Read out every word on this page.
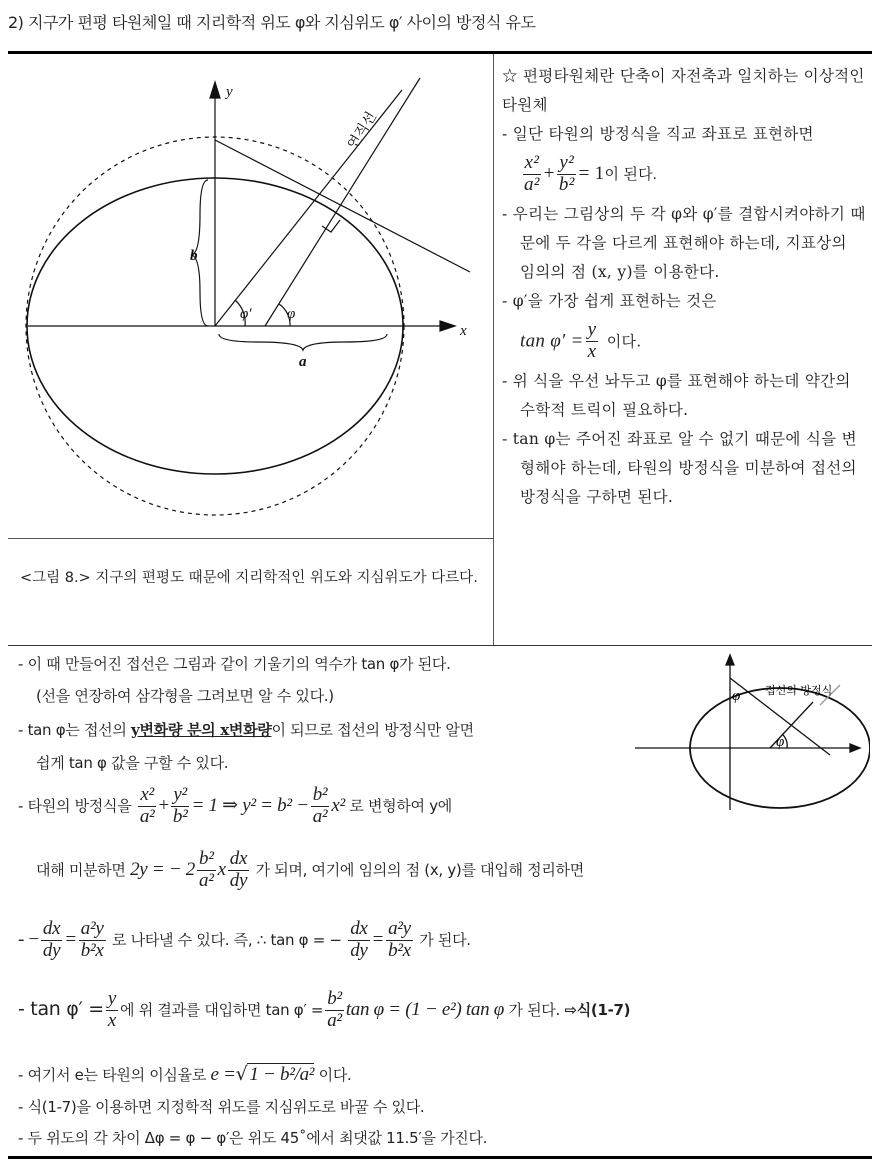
2) 지구가 편평 타원체일 때 지리학적 위도 φ와 지심위도 φ′ 사이의 방정식 유도
y
x
a
b
φ′ φ
연직선
<그림 8.> 지구의 편평도 때문에 지리학적인 위도와 지심위도가 다르다.

☆ 편평타원체란 단축이 자전축과 일치하는 이상적인 타원체

- 일단 타원의 방정식을 직교 좌표로 표현하면

$\frac{\text{x²}}{\text{a²}} + \frac{\text{y²}}{\text{b²}} = 1$이 된다.

- 우리는 그림상의 두 각 φ와 φ′를 결합시켜야하기 때문에 두 각을 다르게 표현해야 하는데, 지표상의 임의의 점 (x, y)를 이용한다.

- φ′을 가장 쉽게 표현하는 것은

$\tan \varphi' = \frac{y}{x}$ 이다.

- 위 식을 우선 놔두고 φ를 표현해야 하는데 약간의 수학적 트릭이 필요하다.

- tan φ는 주어진 좌표로 알 수 없기 때문에 식을 변형해야 하는데, 타원의 방정식을 미분하여 접선의 방정식을 구하면 된다.

접선의 방정식
φ
φ
- 이 때 만들어진 접선은 그림과 같이 기울기의 역수가 tan φ가 된다.
(선을 연장하여 삼각형을 그려보면 알 수 있다.)
- tan φ는 접선의 y변화량 분의 x변화량이 되므로 접선의 방정식만 알면
쉽게 tan φ 값을 구할 수 있다.
- 타원의 방정식을 $\frac{\text{x²}}{\text{a²}} + \frac{\text{y²}}{\text{b²}} = 1$ ⇒ $y^2 = b^2 - \frac{\text{b²}}{\text{a²}} x^2$ 로 변형하여 y에
대해 미분하면 2y = − $2 \frac{\text{b²}}{\text{a²}}$ x $\frac{dx}{dy}$ 가 되며, 여기에 임의의 점 (x, y)를 대입해 정리하면
- − $\frac{dx}{dy} = \frac{\text{a²y}}{\text{b²x}}$ 로 나타낼 수 있다. 즉, ∴ tan φ = − $\frac{dx}{dy} = \frac{\text{a²y}}{\text{b²x}}$ 가 된다.
- $\tan \varphi' = \frac{y}{x}$ 에 위 결과를 대입하면 $\tan \varphi' = \frac{\text{b²}}{\text{a²}}$ tan φ = (1 − e²) tan φ 가 된다. ⇨식(1-7)
- 여기서 e는 타원의 이심율로 e =√ 1 − b²/a² 이다.
- 식(1-7)을 이용하면 지정학적 위도를 지심위도로 바꿀 수 있다.
- 두 위도의 각 차이 Δφ = φ − φ′은 위도 45˚에서 최댓값 11.5′을 가진다.
